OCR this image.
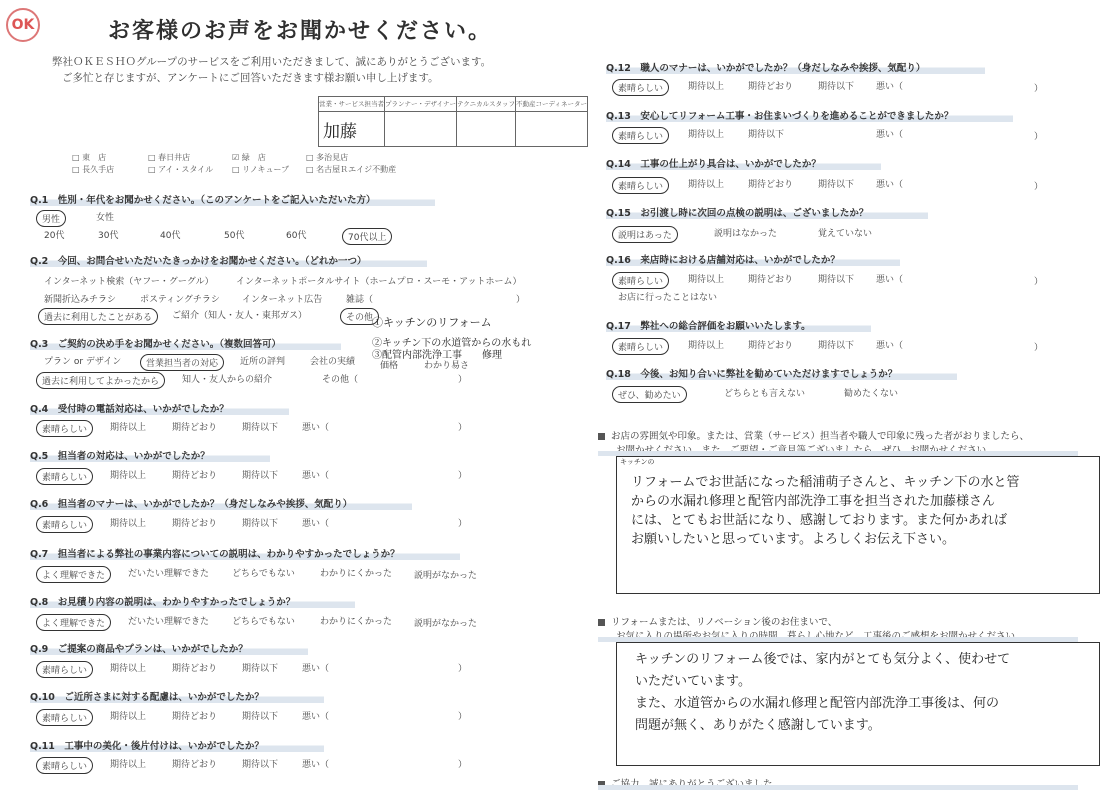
OK	お客様のお声をお聞かせください。
弊社ＯＫＥＳＨＯグループのサービスをご利用いただきまして、誠にありがとうございます。
ご多忙と存じますが、アンケートにご回答いただきます様お願い申し上げます。
営業・サービス担当者	プランナー・デザイナー	テクニカルスタッフ	不動産コーディネーター
加藤			
□ 東　店	□ 春日井店	☑ 緑　店	□ 多治見店
□ 長久手店	□ アイ・スタイル □ リノキューブ □ 名古屋Ｒエイジ不動産
Q.1　性別・年代をお聞かせください。（このアンケートをご記入いただいた方）
Q.2　今回、お問合せいただいたきっかけをお聞かせください。（どれか一つ）
Q.3　ご契約の決め手をお聞かせください。（複数回答可）
Q.4　受付時の電話対応は、いかがでしたか？
Q.5　担当者の対応は、いかがでしたか？
Q.6　担当者のマナーは、いかがでしたか？（身だしなみや挨拶、気配り）
Q.7　担当者による弊社の事業内容についての説明は、わかりやすかったでしょうか？
Q.8　お見積り内容の説明は、わかりやすかったでしょうか？
Q.9　ご提案の商品やプランは、いかがでしたか？
Q.10　ご近所さまに対する配慮は、いかがでしたか？
Q.11　工事中の美化・後片付けは、いかがでしたか？
Q.12　職人のマナーは、いかがでしたか？（身だしなみや挨拶、気配り）
Q.13　安心してリフォーム工事・お住まいづくりを進めることができましたか？
Q.14　工事の仕上がり具合は、いかがでしたか？
Q.15　お引渡し時に次回の点検の説明は、ございましたか？
Q.16　来店時における店舗対応は、いかがでしたか？
Q.17　弊社への総合評価をお願いいたします。
Q.18　今後、お知り合いに弊社を勧めていただけますでしょうか？
男性	女性
20代	30代	40代	50代	60代	70代以上
インターネット検索（ヤフー・グーグル） インターネットポータルサイト（ホームプロ・スーモ・アットホーム）
新聞折込みチラシ	ポスティングチラシ インターネット広告	雑誌（	）
過去に利用したことがある	ご紹介（知人・友人・東邦ガス）	その他
プラン or デザイン	営業担当者の対応	近所の評判	会社の実績	価格	わかり易さ
過去に利用してよかったから	知人・友人からの紹介	その他（	）
素晴らしい	期待以上	期待どおり	期待以下	悪い（	）
素晴らしい	期待以上	期待どおり	期待以下	悪い（	）
素晴らしい	期待以上	期待どおり	期待以下	悪い（	）
よく理解できた	だいたい理解できた	どちらでもない	わかりにくかった 説明がなかった
よく理解できた	だいたい理解できた	どちらでもない	わかりにくかった 説明がなかった
素晴らしい	期待以上	期待どおり	期待以下	悪い（	）
素晴らしい	期待以上	期待どおり	期待以下	悪い（	）
素晴らしい	期待以上	期待どおり	期待以下	悪い（	）
素晴らしい	期待以上	期待どおり	期待以下 悪い（	）
素晴らしい	期待以上	期待以下	悪い（	）
素晴らしい	期待以上	期待どおり	期待以下 悪い（	）
説明はあった	説明はなかった	覚えていない
素晴らしい	期待以上	期待どおり	期待以下 悪い（	）
お店に行ったことはない
素晴らしい	期待以上	期待どおり	期待以下 悪い（	）
ぜひ、勧めたい	どちらとも言えない	勧めたくない
①キッチンのリフォーム
②キッチン下の水道管からの水もれ
③配管内部洗浄工事　　修理
キッチンの
お店の雰囲気や印象。または、営業（サービス）担当者や職人で印象に残った者がおりましたら、
リフォームでお世話になった稲浦萌子さんと、キッチン下の水と管
からの水漏れ修理と配管内部洗浄工事を担当された加藤様さん
には、とてもお世話になり、感謝しております。また何かあれば
お願いしたいと思っています。よろしくお伝え下さい。
リフォームまたは、リノベーション後のお住まいで、
キッチンのリフォーム後では、家内がとても気分よく、使わせて
いただいています。
また、水道管からの水漏れ修理と配管内部洗浄工事後は、何の
問題が無く、ありがたく感謝しています。
